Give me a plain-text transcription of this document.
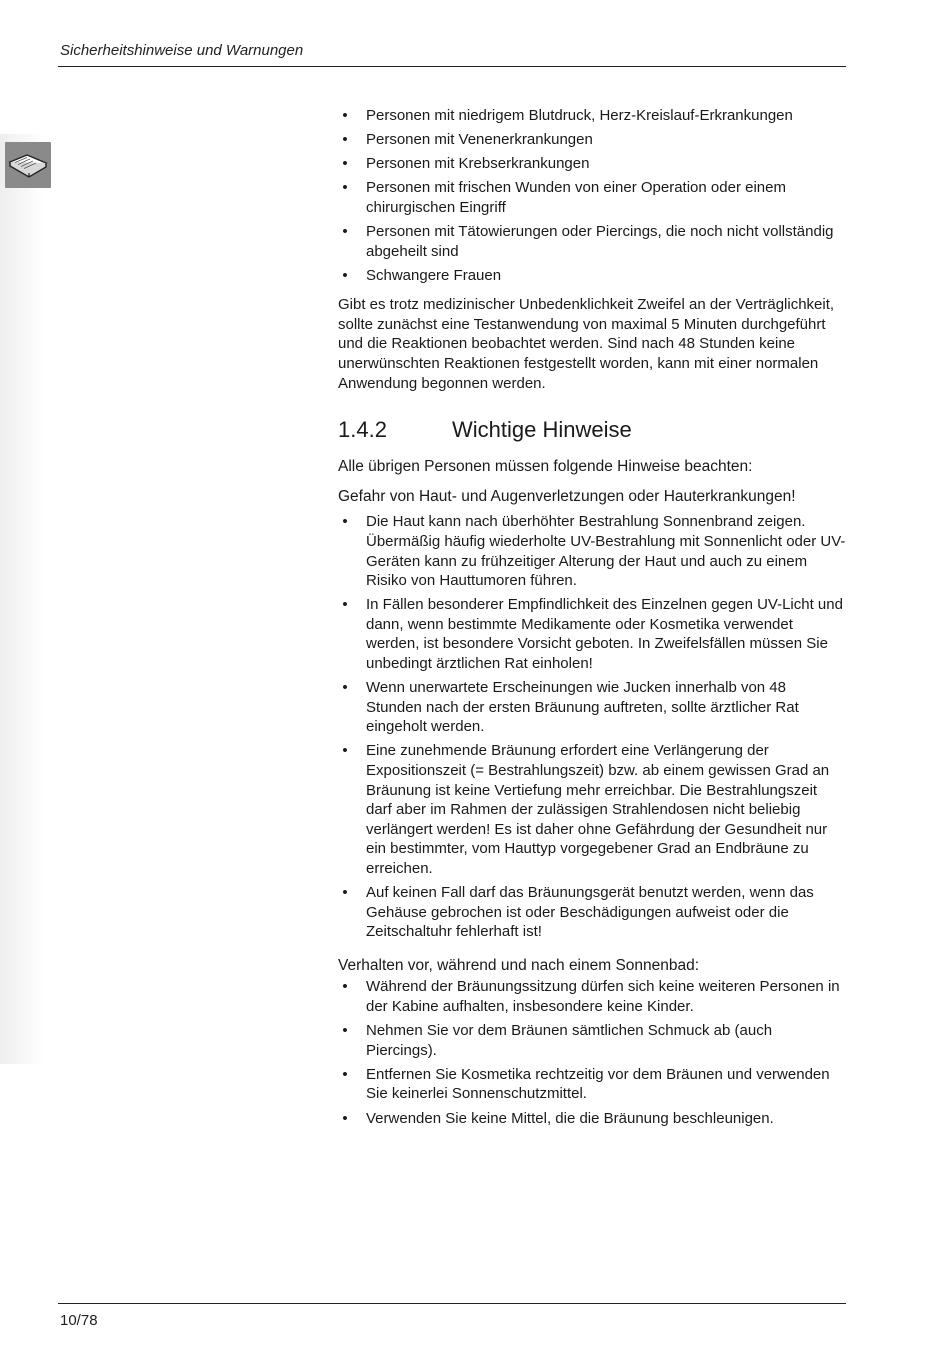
Sicherheitshinweise und Warnungen
• Personen mit niedrigem Blutdruck, Herz-Kreislauf-Erkrankungen
• Personen mit Venenerkrankungen
• Personen mit Krebserkrankungen
• Personen mit frischen Wunden von einer Operation oder einem chirurgischen Eingriff
• Personen mit Tätowierungen oder Piercings, die noch nicht vollständig abgeheilt sind
• Schwangere Frauen

Gibt es trotz medizinischer Unbedenklichkeit Zweifel an der Verträglichkeit, sollte zunächst eine Testanwendung von maximal 5 Minuten durchgeführt und die Reaktionen beobachtet werden. Sind nach 48 Stunden keine unerwünschten Reaktionen festgestellt worden, kann mit einer normalen Anwendung begonnen werden.

1.4.2	Wichtige Hinweise

Alle übrigen Personen müssen folgende Hinweise beachten:

Gefahr von Haut- und Augenverletzungen oder Hauterkrankungen!

• Die Haut kann nach überhöhter Bestrahlung Sonnenbrand zeigen. Übermäßig häufig wiederholte UV-Bestrahlung mit Sonnenlicht oder UV-Geräten kann zu frühzeitiger Alterung der Haut und auch zu einem Risiko von Hauttumoren führen.
• In Fällen besonderer Empfindlichkeit des Einzelnen gegen UV-Licht und dann, wenn bestimmte Medikamente oder Kosmetika verwendet werden, ist besondere Vorsicht geboten. In Zweifelsfällen müssen Sie unbedingt ärztlichen Rat einholen!
• Wenn unerwartete Erscheinungen wie Jucken innerhalb von 48 Stunden nach der ersten Bräunung auftreten, sollte ärztlicher Rat eingeholt werden.
• Eine zunehmende Bräunung erfordert eine Verlängerung der Expositionszeit (= Bestrahlungszeit) bzw. ab einem gewissen Grad an Bräunung ist keine Vertiefung mehr erreichbar. Die Bestrahlungszeit darf aber im Rahmen der zulässigen Strahlendosen nicht beliebig verlängert werden! Es ist daher ohne Gefährdung der Gesundheit nur ein bestimmter, vom Hauttyp vorgegebener Grad an Endbräune zu erreichen.
• Auf keinen Fall darf das Bräunungsgerät benutzt werden, wenn das Gehäuse gebrochen ist oder Beschädigungen aufweist oder die Zeitschaltuhr fehlerhaft ist!

Verhalten vor, während und nach einem Sonnenbad:

• Während der Bräunungssitzung dürfen sich keine weiteren Personen in der Kabine aufhalten, insbesondere keine Kinder.
• Nehmen Sie vor dem Bräunen sämtlichen Schmuck ab (auch Piercings).
• Entfernen Sie Kosmetika rechtzeitig vor dem Bräunen und verwenden Sie keinerlei Sonnenschutzmittel.
• Verwenden Sie keine Mittel, die die Bräunung beschleunigen.
10/78
